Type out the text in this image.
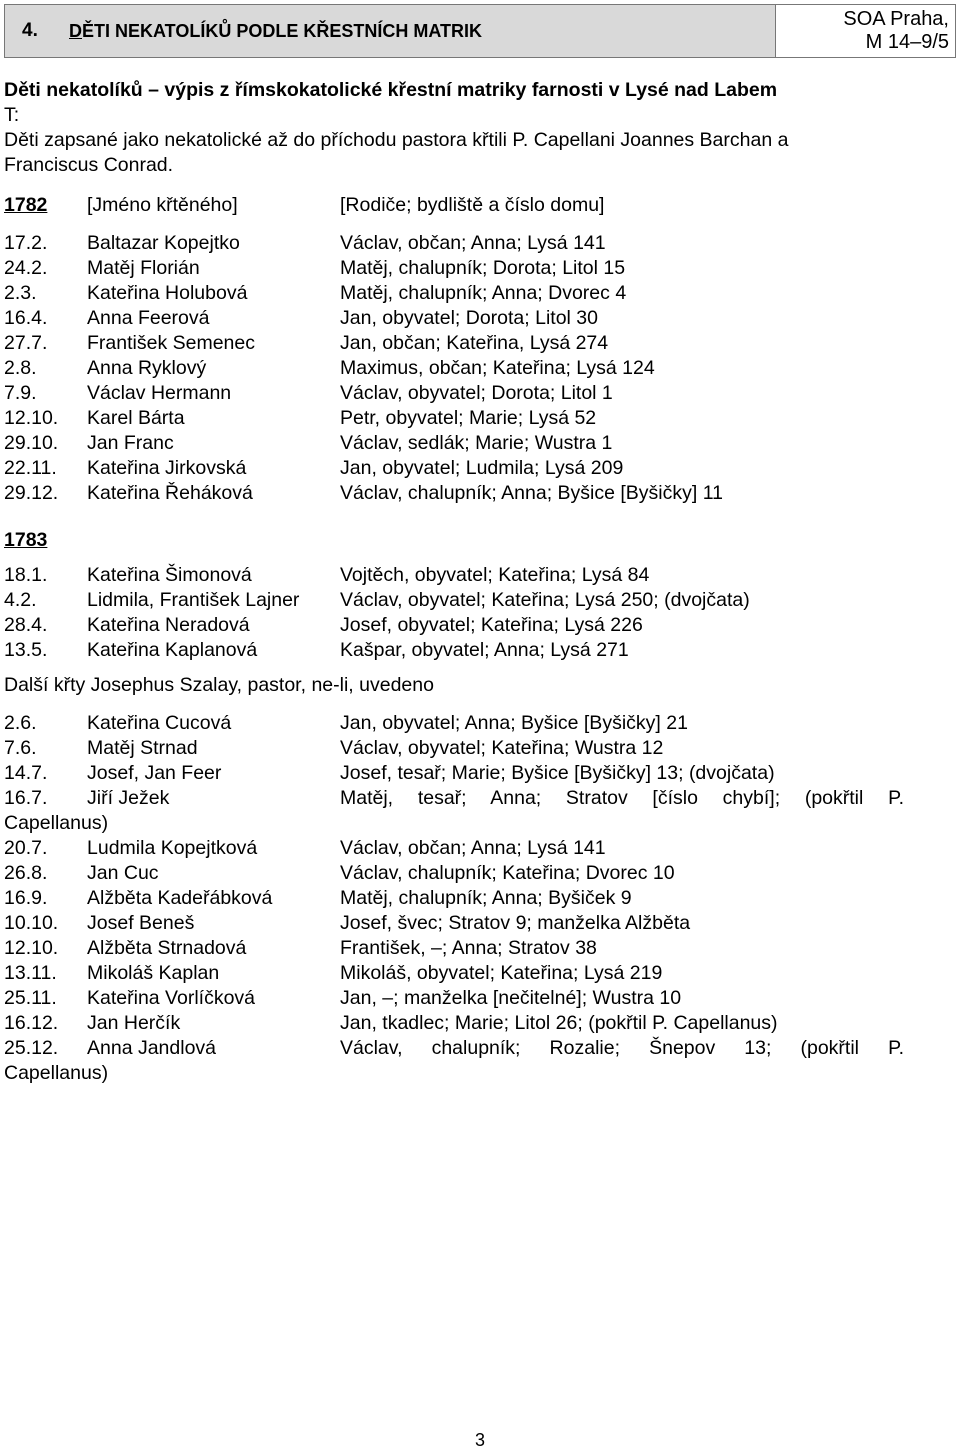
4.	DĚTI NEKATOLÍKŮ PODLE KŘESTNÍCH MATRIK
SOA Praha,
M 14–9/5
Děti nekatolíků – výpis z římskokatolické křestní matriky farnosti v Lysé nad Labem
T:
Děti zapsané jako nekatolické až do příchodu pastora křtili P. Capellani Joannes Barchan a
Franciscus Conrad.
1782	[Jméno křtěného]	[Rodiče; bydliště a číslo domu]
17.2.	Baltazar Kopejtko	Václav, občan; Anna; Lysá 141
24.2.	Matěj Florián	Matěj, chalupník; Dorota; Litol 15
2.3.	Kateřina Holubová	Matěj, chalupník; Anna; Dvorec 4
16.4.	Anna Feerová	Jan, obyvatel; Dorota; Litol 30
27.7.	František Semenec	Jan, občan; Kateřina, Lysá 274
2.8.	Anna Ryklový	Maximus, občan; Kateřina; Lysá 124
7.9.	Václav Hermann	Václav, obyvatel; Dorota; Litol 1
12.10.	Karel Bárta	Petr, obyvatel; Marie; Lysá 52
29.10.	Jan Franc	Václav, sedlák; Marie; Wustra 1
22.11.	Kateřina Jirkovská	Jan, obyvatel; Ludmila; Lysá 209
29.12.	Kateřina Řeháková	Václav, chalupník; Anna; Byšice [Byšičky] 11
1783
18.1.	Kateřina Šimonová	Vojtěch, obyvatel; Kateřina; Lysá 84
4.2.	Lidmila, František Lajner	Václav, obyvatel; Kateřina; Lysá 250; (dvojčata)
28.4.	Kateřina Neradová	Josef, obyvatel; Kateřina; Lysá 226
13.5.	Kateřina Kaplanová	Kašpar, obyvatel; Anna; Lysá 271
Další křty Josephus Szalay, pastor, ne-li, uvedeno
2.6.	Kateřina Cucová	Jan, obyvatel; Anna; Byšice [Byšičky] 21
7.6.	Matěj Strnad	Václav, obyvatel; Kateřina; Wustra 12
14.7.	Josef, Jan Feer	Josef, tesař; Marie; Byšice [Byšičky] 13; (dvojčata)
16.7.	Jiří Ježek	Matěj, tesař; Anna; Stratov [číslo chybí]; (pokřtil P.
Capellanus)
20.7.	Ludmila Kopejtková	Václav, občan; Anna; Lysá 141
26.8.	Jan Cuc	Václav, chalupník; Kateřina; Dvorec 10
16.9.	Alžběta Kadeřábková	Matěj, chalupník; Anna; Byšiček 9
10.10.	Josef Beneš	Josef, švec; Stratov 9; manželka Alžběta
12.10.	Alžběta Strnadová	František, –; Anna; Stratov 38
13.11.	Mikoláš Kaplan	Mikoláš, obyvatel; Kateřina; Lysá 219
25.11.	Kateřina Vorlíčková	Jan, –; manželka [nečitelné]; Wustra 10
16.12.	Jan Herčík	Jan, tkadlec; Marie; Litol 26; (pokřtil P. Capellanus)
25.12.	Anna Jandlová	Václav, chalupník; Rozalie; Šnepov 13; (pokřtil P.
Capellanus)
3
